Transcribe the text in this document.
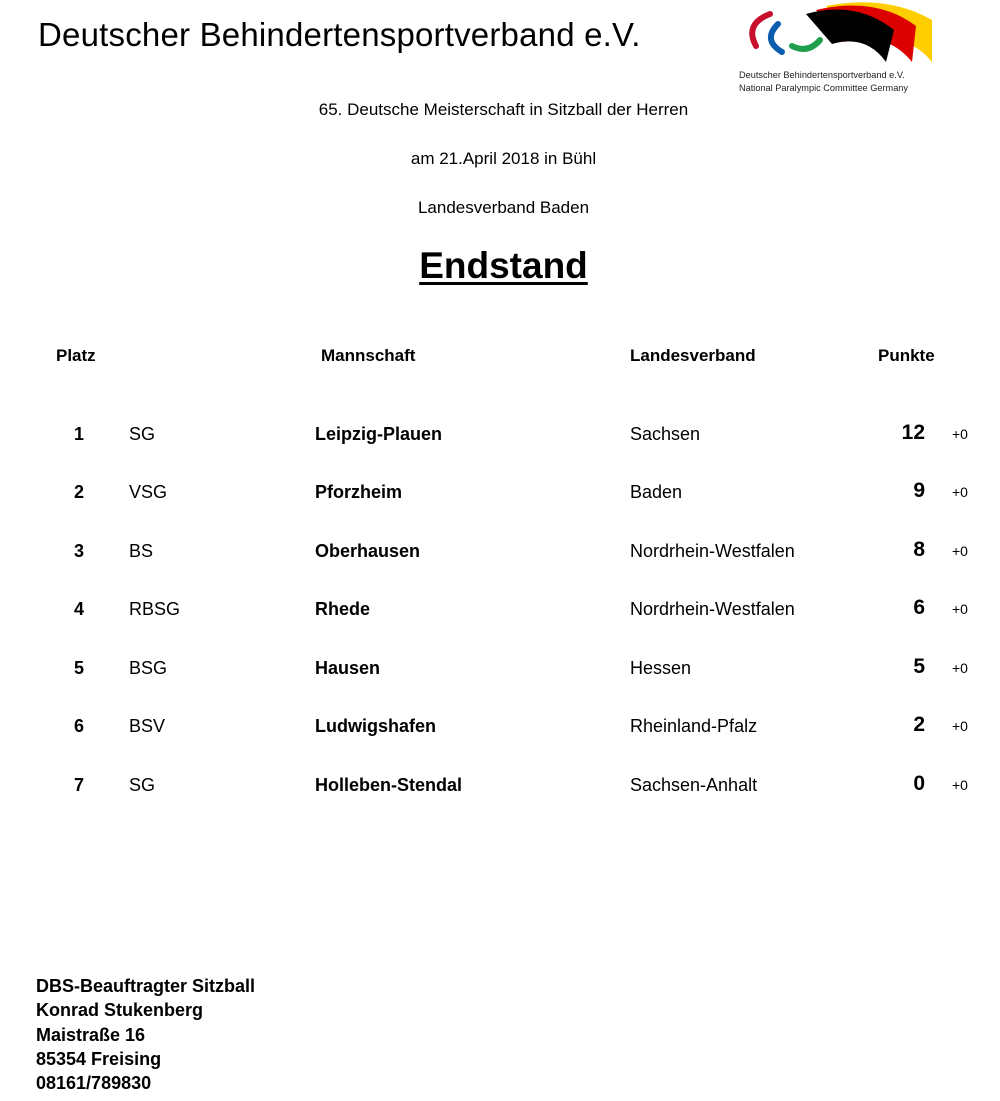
Deutscher Behindertensportverband e.V.
Deutscher Behindertensportverband e.V.
National Paralympic Committee Germany
65. Deutsche Meisterschaft in Sitzball der Herren
am 21.April 2018 in Bühl
Landesverband Baden
Endstand
Platz	Mannschaft	Landesverband	Punkte
1 SG	Leipzig-Plauen	Sachsen	12 +0
2 VSG	Pforzheim	Baden	9 +0
3 BS	Oberhausen	Nordrhein-Westfalen	8 +0
4 RBSG	Rhede	Nordrhein-Westfalen	6 +0
5 BSG	Hausen	Hessen	5 +0
6 BSV	Ludwigshafen	Rheinland-Pfalz	2 +0
7 SG	Holleben-Stendal	Sachsen-Anhalt	0 +0
DBS-Beauftragter Sitzball
Konrad Stukenberg
Maistraße 16
85354 Freising
08161/789830
